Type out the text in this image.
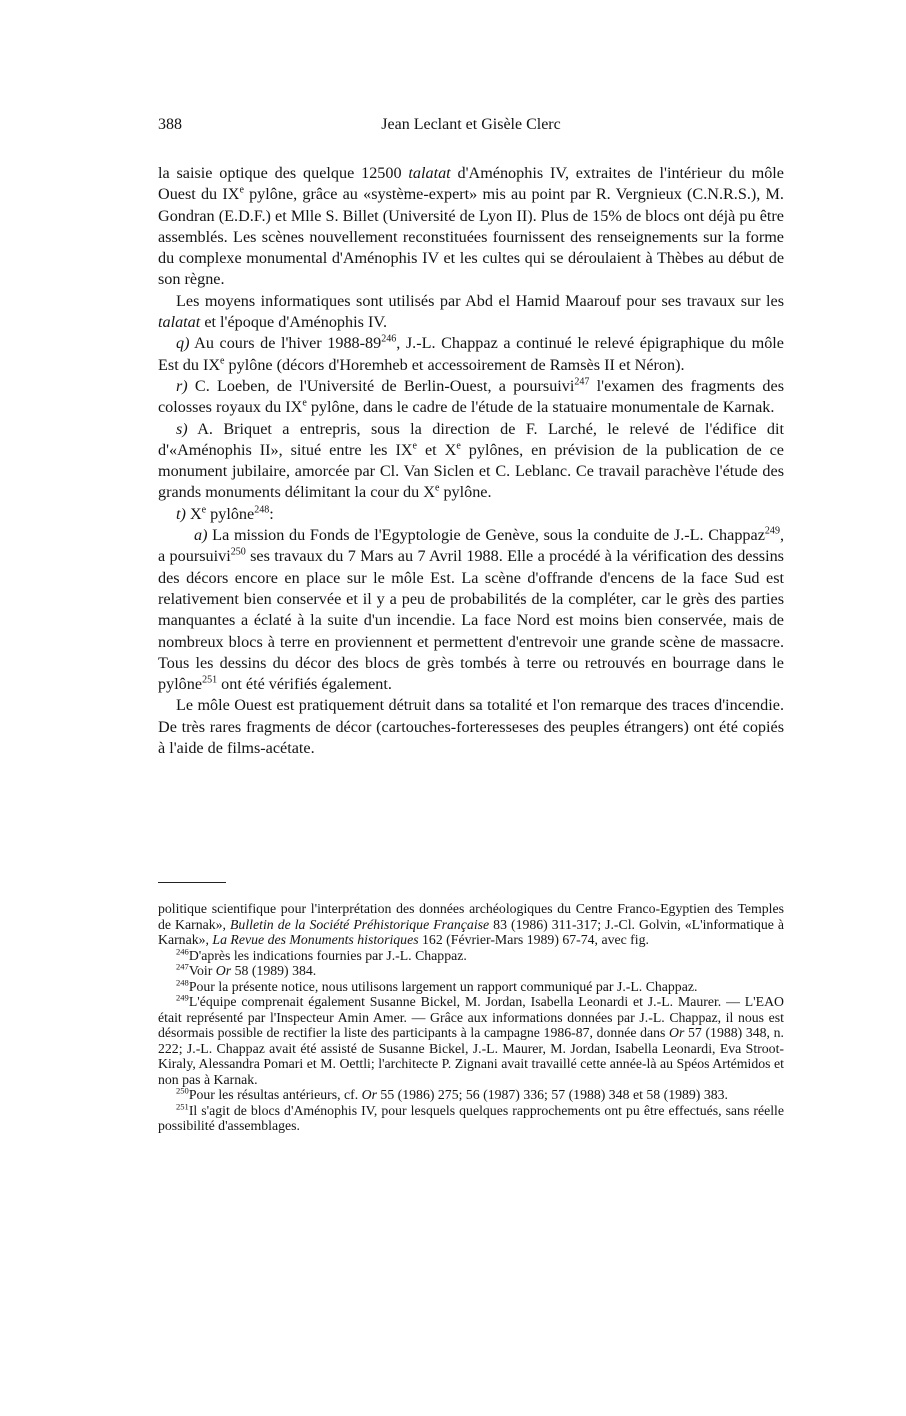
388	Jean Leclant et Gisèle Clerc

la saisie optique des quelque 12500 talatat d'Aménophis IV, extraites de l'intérieur du môle Ouest du IXe pylône, grâce au «système-expert» mis au point par R. Vergnieux (C.N.R.S.), M. Gondran (E.D.F.) et Mlle S. Billet (Université de Lyon II). Plus de 15% de blocs ont déjà pu être assemblés. Les scènes nouvellement reconstituées fournissent des renseignements sur la forme du complexe monumental d'Aménophis IV et les cultes qui se déroulaient à Thèbes au début de son règne.

Les moyens informatiques sont utilisés par Abd el Hamid Maarouf pour ses travaux sur les talatat et l'époque d'Aménophis IV.

q) Au cours de l'hiver $1988-89^{246}$, J.-L. Chappaz a continué le relevé épigraphique du môle Est du IXe pylône (décors d'Horemheb et accessoirement de Ramsès II et Néron).

r) C. Loeben, de l'Université de Berlin-Ouest, a poursuivi$^{247}$ l'examen des fragments des colosses royaux du IXe pylône, dans le cadre de l'étude de la statuaire monumentale de Karnak.

s) A. Briquet a entrepris, sous la direction de F. Larché, le relevé de l'édifice dit d'«Aménophis II», situé entre les IXe et Xe pylônes, en prévision de la publication de ce monument jubilaire, amorcée par Cl. Van Siclen et C. Leblanc. Ce travail parachève l'étude des grands monuments délimitant la cour du Xe pylône.

t) Xe pylône$^{248}$:

a) La mission du Fonds de l'Egyptologie de Genève, sous la conduite de J.-L. Chappaz$^{249}$, a poursuivi$^{250}$ ses travaux du 7 Mars au 7 Avril 1988. Elle a procédé à la vérification des dessins des décors encore en place sur le môle Est. La scène d'offrande d'encens de la face Sud est relativement bien conservée et il y a peu de probabilités de la compléter, car le grès des parties manquantes a éclaté à la suite d'un incendie. La face Nord est moins bien conservée, mais de nombreux blocs à terre en proviennent et permettent d'entrevoir une grande scène de massacre. Tous les dessins du décor des blocs de grès tombés à terre ou retrouvés en bourrage dans le pylône$^{251}$ ont été vérifiés également.

Le môle Ouest est pratiquement détruit dans sa totalité et l'on remarque des traces d'incendie. De très rares fragments de décor (cartouches-forteresseses des peuples étrangers) ont été copiés à l'aide de films-acétate.

politique scientifique pour l'interprétation des données archéologiques du Centre Franco-Egyptien des Temples de Karnak», Bulletin de la Société Préhistorique Française 83 (1986) 311-317; J.-Cl. Golvin, «L'informatique à Karnak», La Revue des Monuments historiques 162 (Février-Mars 1989) 67-74, avec fig.

$^{246}$D'après les indications fournies par J.-L. Chappaz.

$^{247}$Voir Or 58 (1989) 384.

$^{248}$Pour la présente notice, nous utilisons largement un rapport communiqué par J.-L. Chappaz.

$^{249}$L'équipe comprenait également Susanne Bickel, M. Jordan, Isabella Leonardi et J.-L. Maurer. — L'EAO était représenté par l'Inspecteur Amin Amer. — Grâce aux informations données par J.-L. Chappaz, il nous est désormais possible de rectifier la liste des participants à la campagne 1986-87, donnée dans Or 57 (1988) 348, n. 222; J.-L. Chappaz avait été assisté de Susanne Bickel, J.-L. Maurer, M. Jordan, Isabella Leonardi, Eva Stroot-Kiraly, Alessandra Pomari et M. Oettli; l'architecte P. Zignani avait travaillé cette année-là au Spéos Artémidos et non pas à Karnak.

$^{250}$Pour les résultas antérieurs, cf. Or 55 (1986) 275; 56 (1987) 336; 57 (1988) 348 et 58 (1989) 383.

$^{251}$Il s'agit de blocs d'Aménophis IV, pour lesquels quelques rapprochements ont pu être effectués, sans réelle possibilité d'assemblages.
